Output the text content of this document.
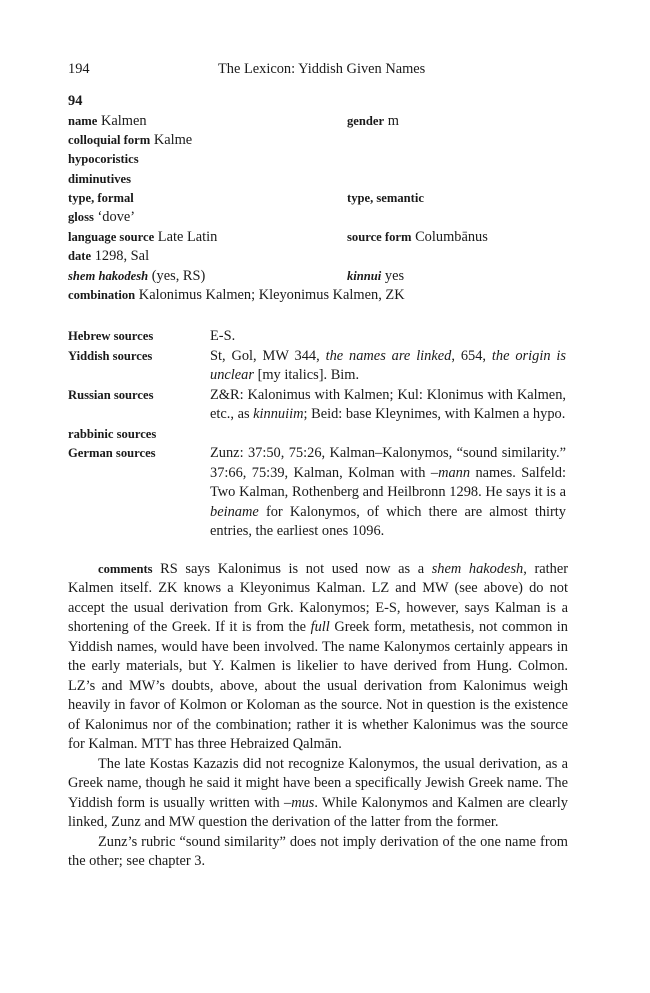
194	The Lexicon: Yiddish Given Names
94
name Kalmen	gender m
colloquial form Kalme
hypocoristics
diminutives
type, formal	type, semantic
gloss ‘dove’
language source Late Latin	source form Columbānus
date 1298, Sal
shem hakodesh (yes, RS)	kinnui yes
combination Kalonimus Kalmen; Kleyonimus Kalmen, ZK
Hebrew sources	E-S.
Yiddish sources	St, Gol, MW 344, the names are linked, 654, the origin is unclear [my italics]. Bim.
Russian sources	Z&R: Kalonimus with Kalmen; Kul: Klonimus with Kalmen, etc., as kinnuiim; Beid: base Kleynimes, with Kalmen a hypo.
rabbinic sources
German sources	Zunz: 37:50, 75:26, Kalman–Kalonymos, “sound similarity.” 37:66, 75:39, Kalman, Kolman with –mann names. Salfeld: Two Kalman, Rothenberg and Heilbronn 1298. He says it is a beiname for Kalonymos, of which there are almost thirty entries, the earliest ones 1096.

comments RS says Kalonimus is not used now as a shem hakodesh, rather Kalmen itself. ZK knows a Kleyonimus Kalman. LZ and MW (see above) do not accept the usual derivation from Grk. Kalonymos; E-S, however, says Kalman is a shortening of the Greek. If it is from the full Greek form, metathesis, not common in Yiddish names, would have been involved. The name Kalonymos certainly appears in the early materials, but Y. Kalmen is likelier to have derived from Hung. Colmon. LZ’s and MW’s doubts, above, about the usual derivation from Kalonimus weigh heavily in favor of Kolmon or Koloman as the source. Not in question is the existence of Kalonimus nor of the combination; rather it is whether Kalonimus was the source for Kalman. MTT has three Hebraized Qalmān.

The late Kostas Kazazis did not recognize Kalonymos, the usual derivation, as a Greek name, though he said it might have been a specifically Jewish Greek name. The Yiddish form is usually written with –mus. While Kalonymos and Kalmen are clearly linked, Zunz and MW question the derivation of the latter from the former.

Zunz’s rubric “sound similarity” does not imply derivation of the one name from the other; see chapter 3.
